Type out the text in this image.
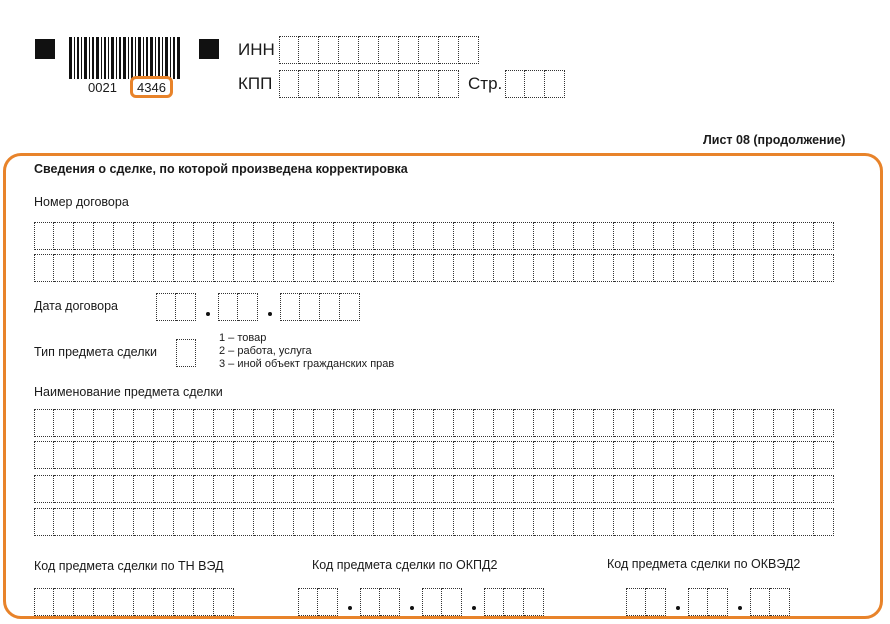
0021	4346
ИНН
КПП	Стр.
Лист 08 (продолжение)
Сведения о сделке, по которой произведена корректировка
Номер договора
Дата договора
Тип предмета сделки
1 – товар
2 – работа, услуга
3 – иной объект гражданских прав
Наименование предмета сделки
Код предмета сделки по ТН ВЭД	Код предмета сделки по ОКПД2	Код предмета сделки по ОКВЭД2
